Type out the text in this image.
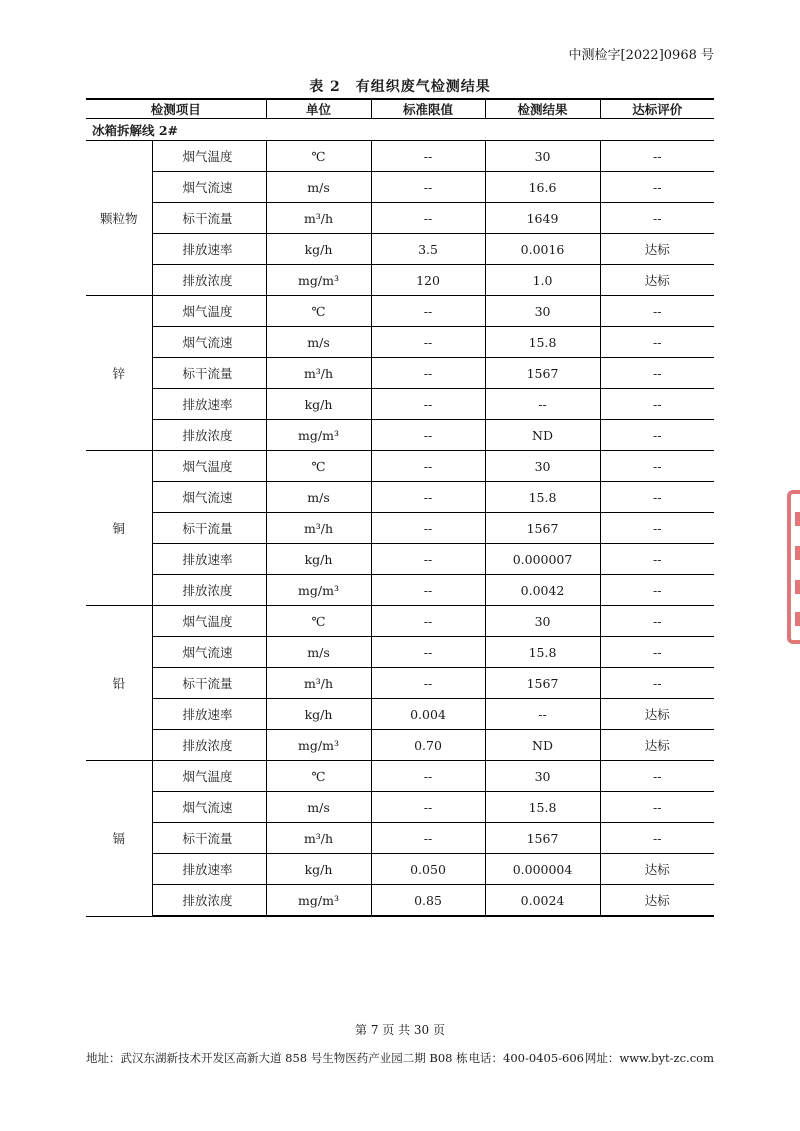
中测检字[2022]0968 号
表 2　有组织废气检测结果
检测项目		单位	标准限值	检测结果	达标评价
冰箱拆解线 2#					
颗粒物	烟气温度	℃	--	30	--
	烟气流速	m/s	--	16.6	--
	标干流量	m³/h	--	1649	--
	排放速率	kg/h	3.5	0.0016	达标
	排放浓度	mg/m³	120	1.0	达标
锌	烟气温度	℃	--	30	--
	烟气流速	m/s	--	15.8	--
	标干流量	m³/h	--	1567	--
	排放速率	kg/h	--	--	--
	排放浓度	mg/m³	--	ND	--
铜	烟气温度	℃	--	30	--
	烟气流速	m/s	--	15.8	--
	标干流量	m³/h	--	1567	--
	排放速率	kg/h	--	0.000007	--
	排放浓度	mg/m³	--	0.0042	--
铅	烟气温度	℃	--	30	--
	烟气流速	m/s	--	15.8	--
	标干流量	m³/h	--	1567	--
	排放速率	kg/h	0.004	--	达标
	排放浓度	mg/m³	0.70	ND	达标
镉	烟气温度	℃	--	30	--
	烟气流速	m/s	--	15.8	--
	标干流量	m³/h	--	1567	--
	排放速率	kg/h	0.050	0.000004	达标
	排放浓度	mg/m³	0.85	0.0024	达标
第 7 页 共 30 页
地址：武汉东湖新技术开发区高新大道 858 号生物医药产业园二期 B08 栋 电话：400-0405-606 网址：www.byt-zc.com
